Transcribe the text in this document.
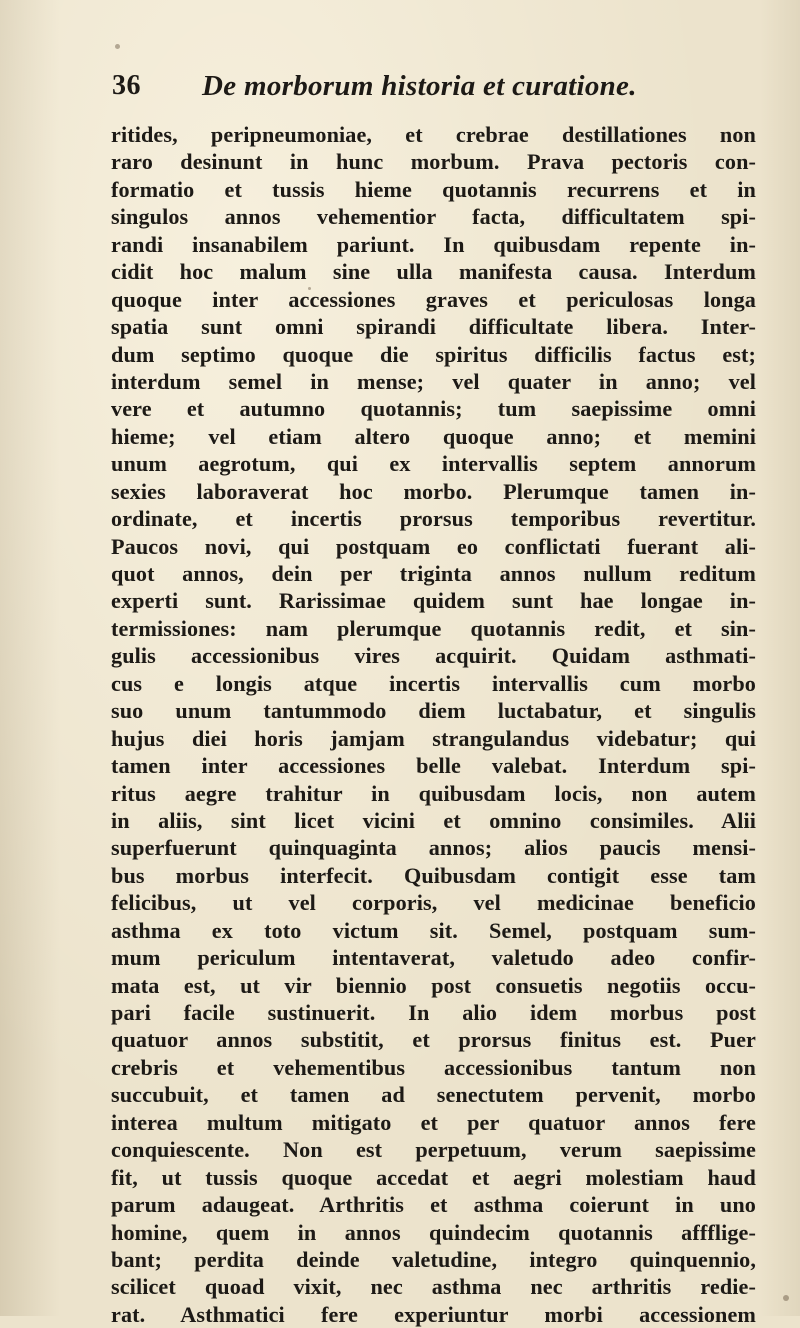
36 De morborum historia et curatione.
ritides, peripneumoniae, et crebrae destillationes non
raro desinunt in hunc morbum. Prava pectoris con-
formatio et tussis hieme quotannis recurrens et in
singulos annos vehementior facta, difficultatem spi-
randi insanabilem pariunt. In quibusdam repente in-
cidit hoc malum sine ulla manifesta causa. Interdum
quoque inter accessiones graves et periculosas longa
spatia sunt omni spirandi difficultate libera. Inter-
dum septimo quoque die spiritus difficilis factus est;
interdum semel in mense; vel quater in anno; vel
vere et autumno quotannis; tum saepissime omni
hieme; vel etiam altero quoque anno; et memini
unum aegrotum, qui ex intervallis septem annorum
sexies laboraverat hoc morbo. Plerumque tamen in-
ordinate, et incertis prorsus temporibus revertitur.
Paucos novi, qui postquam eo conflictati fuerant ali-
quot annos, dein per triginta annos nullum reditum
experti sunt. Rarissimae quidem sunt hae longae in-
termissiones: nam plerumque quotannis redit, et sin-
gulis accessionibus vires acquirit. Quidam asthmati-
cus e longis atque incertis intervallis cum morbo
suo unum tantummodo diem luctabatur, et singulis
hujus diei horis jamjam strangulandus videbatur; qui
tamen inter accessiones belle valebat. Interdum spi-
ritus aegre trahitur in quibusdam locis, non autem
in aliis, sint licet vicini et omnino consimiles. Alii
superfuerunt quinquaginta annos; alios paucis mensi-
bus morbus interfecit. Quibusdam contigit esse tam
felicibus, ut vel corporis, vel medicinae beneficio
asthma ex toto victum sit. Semel, postquam sum-
mum periculum intentaverat, valetudo adeo confir-
mata est, ut vir biennio post consuetis negotiis occu-
pari facile sustinuerit. In alio idem morbus post
quatuor annos substitit, et prorsus finitus est. Puer
crebris et vehementibus accessionibus tantum non
succubuit, et tamen ad senectutem pervenit, morbo
interea multum mitigato et per quatuor annos fere
conquiescente. Non est perpetuum, verum saepissime
fit, ut tussis quoque accedat et aegri molestiam haud
parum adaugeat. Arthritis et asthma coierunt in uno
homine, quem in annos quindecim quotannis affflige-
bant; perdita deinde valetudine, integro quinquennio,
scilicet quoad vixit, nec asthma nec arthritis redie-
rat. Asthmatici fere experiuntur morbi accessionem
